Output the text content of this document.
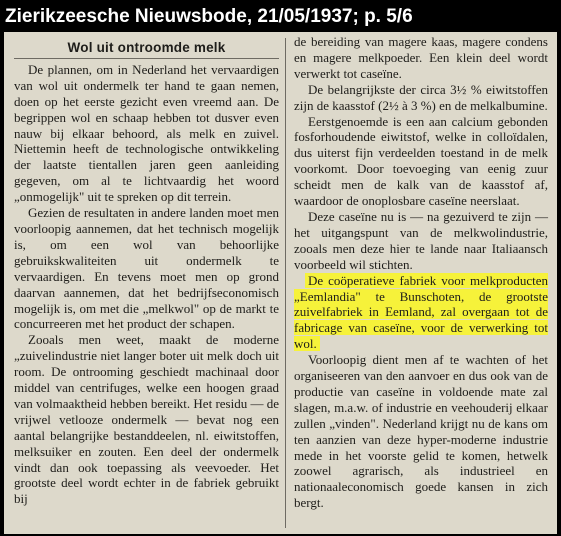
Zierikzeesche Nieuwsbode, 21/05/1937; p. 5/6
Wol uit ontroomde melk

De plannen, om in Nederland het vervaardigen van wol uit ondermelk ter hand te gaan nemen, doen op het eerste gezicht even vreemd aan. De begrippen wol en schaap hebben tot dusver even nauw bij elkaar behoord, als melk en zuivel. Niettemin heeft de technologische ontwikkeling der laatste tientallen jaren geen aanleiding gegeven, om al te lichtvaardig het woord „onmogelijk" uit te spreken op dit terrein.

Gezien de resultaten in andere landen moet men voorloopig aannemen, dat het technisch mogelijk is, om een wol van behoorlijke gebruikskwaliteiten uit ondermelk te vervaardigen. En tevens moet men op grond daarvan aannemen, dat het bedrijfseconomisch mogelijk is, om met die „melkwol" op de markt te concurreeren met het product der schapen.

Zooals men weet, maakt de moderne „zuivelindustrie niet langer boter uit melk doch uit room. De ontrooming geschiedt machinaal door middel van centrifuges, welke een hoogen graad van volmaaktheid hebben bereikt. Het residu — de vrijwel vetlooze ondermelk — bevat nog een aantal belangrijke bestanddeelen, nl. eiwitstoffen, melksuiker en zouten. Een deel der ondermelk vindt dan ook toepassing als veevoeder. Het grootste deel wordt echter in de fabriek gebruikt bij

de bereiding van magere kaas, magere condens en magere melkpoeder. Een klein deel wordt verwerkt tot caseïne.

De belangrijkste der circa 3½ % eiwitstoffen zijn de kaasstof (2½ à 3 %) en de melkalbumine.

Eerstgenoemde is een aan calcium gebonden fosforhoudende eiwitstof, welke in colloïdalen, dus uiterst fijn verdeelden toestand in de melk voorkomt. Door toevoeging van eenig zuur scheidt men de kalk van de kaasstof af, waardoor de onoplosbare caseïne neerslaat.

Deze caseïne nu is — na gezuiverd te zijn — het uitgangspunt van de melkwolindustrie, zooals men deze hier te lande naar Italiaansch voorbeeld wil stichten.

De coöperatieve fabriek voor melkproducten „Eemlandia" te Bunschoten, de grootste zuivelfabriek in Eemland, zal overgaan tot de fabricage van caseïne, voor de verwerking tot wol.

Voorloopig dient men af te wachten of het organiseeren van den aanvoer en dus ook van de productie van caseïne in voldoende mate zal slagen, m.a.w. of industrie en veehouderij elkaar zullen „vinden". Nederland krijgt nu de kans om ten aanzien van deze hyper-moderne industrie mede in het voorste gelid te komen, hetwelk zoowel agrarisch, als industrieel en nationaaleconomisch goede kansen in zich bergt.
